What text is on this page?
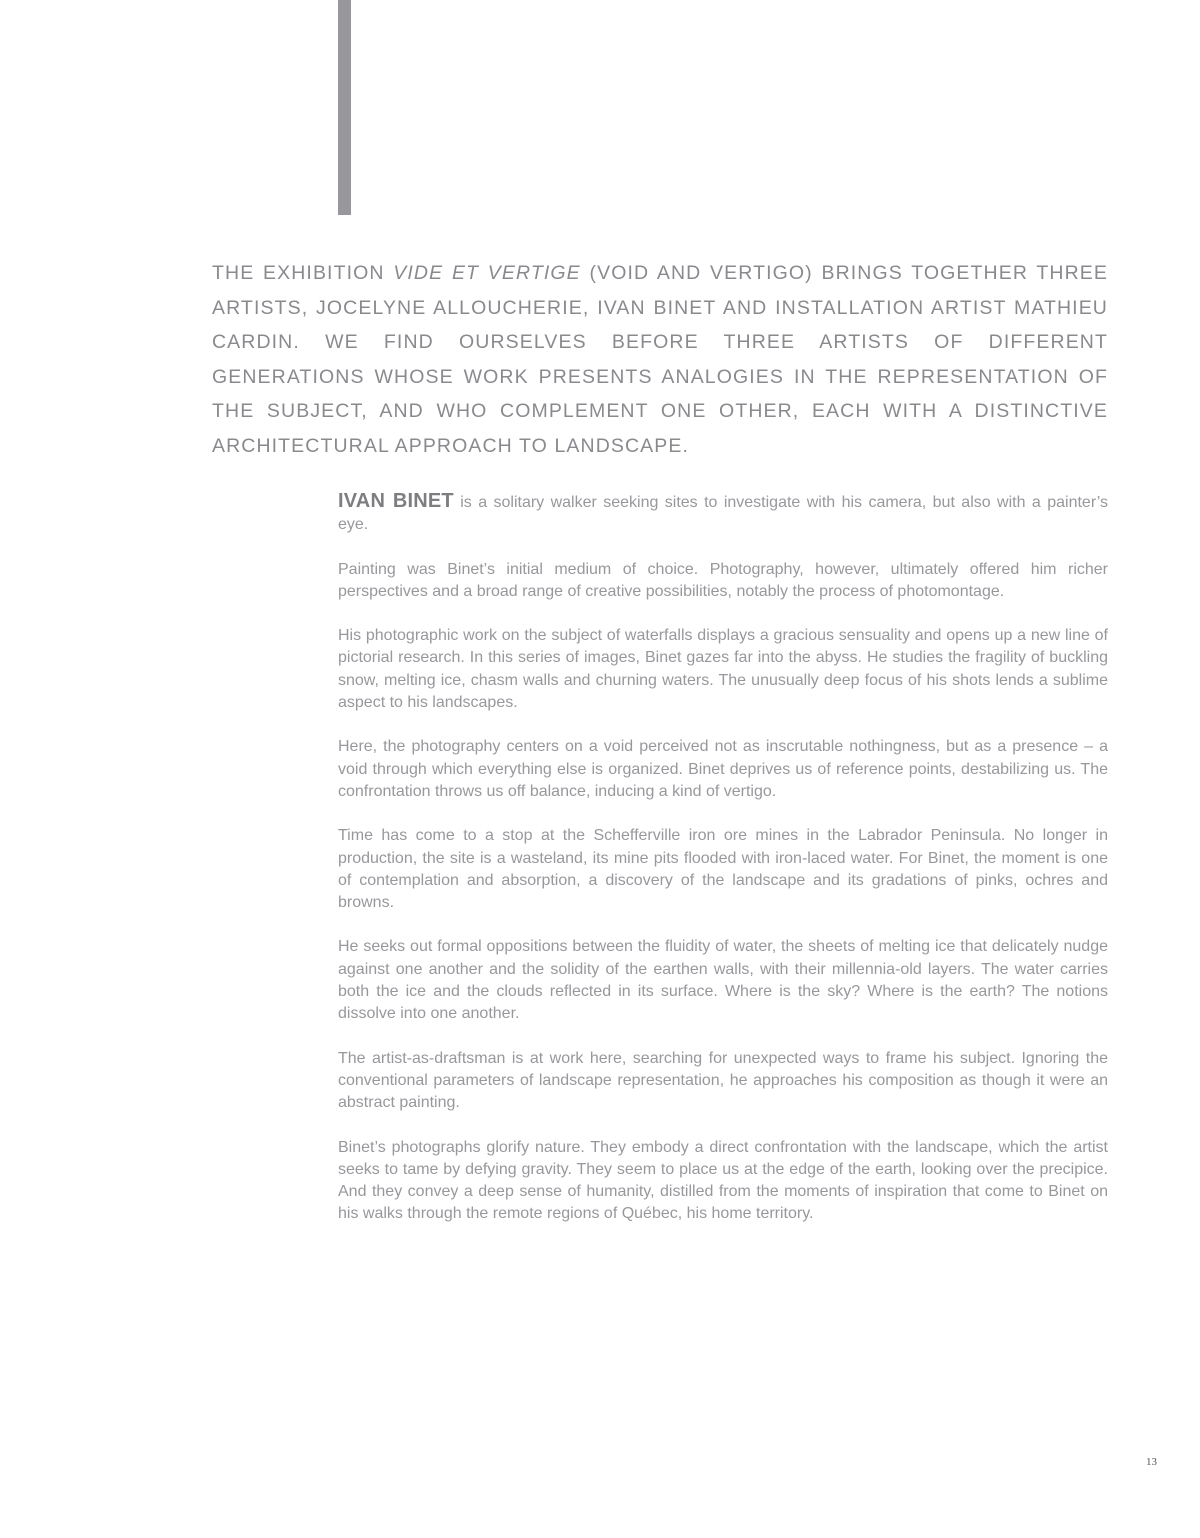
THE EXHIBITION VIDE ET VERTIGE (VOID AND VERTIGO) BRINGS TOGETHER THREE ARTISTS, JOCELYNE ALLOUCHERIE, IVAN BINET AND INSTALLATION ARTIST MATHIEU CARDIN. WE FIND OURSELVES BEFORE THREE ARTISTS OF DIFFERENT GENERATIONS WHOSE WORK PRESENTS ANALOGIES IN THE REPRESENTATION OF THE SUBJECT, AND WHO COMPLEMENT ONE OTHER, EACH WITH A DISTINCTIVE ARCHITECTURAL APPROACH TO LANDSCAPE.

IVAN BINET is a solitary walker seeking sites to investigate with his camera, but also with a painter’s eye.

Painting was Binet’s initial medium of choice. Photography, however, ultimately offered him richer perspectives and a broad range of creative possibilities, notably the process of photomontage.

His photographic work on the subject of waterfalls displays a gracious sensuality and opens up a new line of pictorial research. In this series of images, Binet gazes far into the abyss. He studies the fragility of buckling snow, melting ice, chasm walls and churning waters. The unusually deep focus of his shots lends a sublime aspect to his landscapes.

Here, the photography centers on a void perceived not as inscrutable nothingness, but as a presence – a void through which everything else is organized. Binet deprives us of reference points, destabilizing us. The confrontation throws us off balance, inducing a kind of vertigo.

Time has come to a stop at the Schefferville iron ore mines in the Labrador Peninsula. No longer in production, the site is a wasteland, its mine pits flooded with iron-laced water. For Binet, the moment is one of contemplation and absorption, a discovery of the landscape and its gradations of pinks, ochres and browns.

He seeks out formal oppositions between the fluidity of water, the sheets of melting ice that delicately nudge against one another and the solidity of the earthen walls, with their millennia-old layers. The water carries both the ice and the clouds reflected in its surface. Where is the sky? Where is the earth? The notions dissolve into one another.

The artist-as-draftsman is at work here, searching for unexpected ways to frame his subject. Ignoring the conventional parameters of landscape representation, he approaches his composition as though it were an abstract painting.

Binet’s photographs glorify nature. They embody a direct confrontation with the landscape, which the artist seeks to tame by defying gravity. They seem to place us at the edge of the earth, looking over the precipice. And they convey a deep sense of humanity, distilled from the moments of inspiration that come to Binet on his walks through the remote regions of Québec, his home territory.

13
